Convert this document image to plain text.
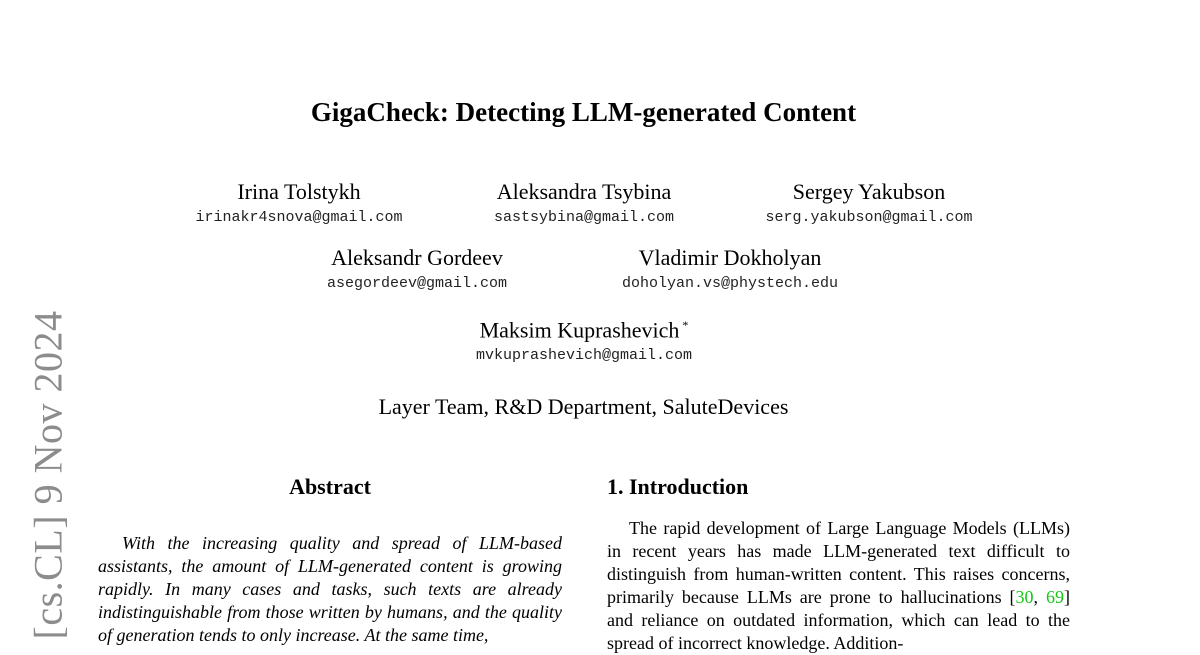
[cs.CL] 9 Nov 2024
GigaCheck: Detecting LLM-generated Content
Irina Tolstykh
irinakr4snova@gmail.com
Aleksandra Tsybina
sastsybina@gmail.com
Sergey Yakubson
serg.yakubson@gmail.com
Aleksandr Gordeev
asegordeev@gmail.com
Vladimir Dokholyan
doholyan.vs@phystech.edu
Maksim Kuprashevich *
mvkuprashevich@gmail.com
Layer Team, R&D Department, SaluteDevices
Abstract	1. Introduction

With the increasing quality and spread of LLM-based assistants, the amount of LLM-generated content is growing rapidly. In many cases and tasks, such texts are already indistinguishable from those written by humans, and the quality of generation tends to only increase. At the same time,

The rapid development of Large Language Models (LLMs) in recent years has made LLM-generated text difficult to distinguish from human-written content. This raises concerns, primarily because LLMs are prone to hallucinations [30, 69] and reliance on outdated information, which can lead to the spread of incorrect knowledge. Addition-
